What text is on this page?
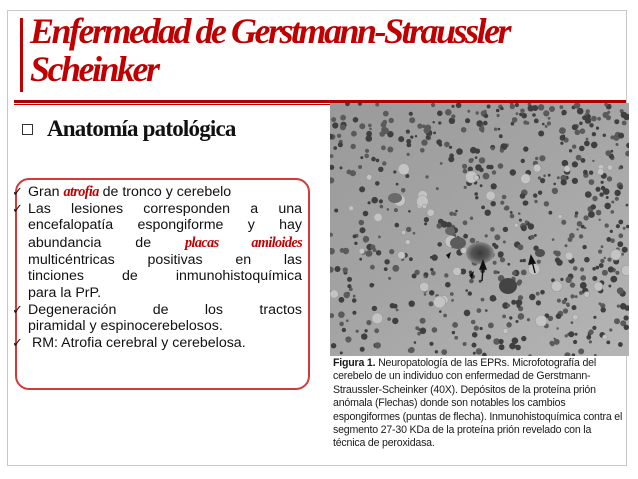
Enfermedad de Gerstmann-Straussler
Scheinker
Anatomía patológica
✓ Gran atrofia de tronco y cerebelo
✓ Las lesiones corresponden a una
encefalopatía espongiforme y hay
abundancia de placas amiloides
multicéntricas positivas en las
tinciones de inmunohistoquímica
para la PrP.
✓ Degeneración de los tractos
piramidal y espinocerebelosos.
✓ RM: Atrofia cerebral y cerebelosa.
Figura 1. Neuropatología de las EPRs. Microfotografía del cerebelo de un individuo con enfermedad de Gerstmann-Straussler-Scheinker (40X). Depósitos de la proteína prión anómala (Flechas) donde son notables los cambios espongiformes (puntas de flecha). Inmunohistoquímica contra el segmento 27-30 KDa de la proteína prión revelado con la técnica de peroxidasa.
